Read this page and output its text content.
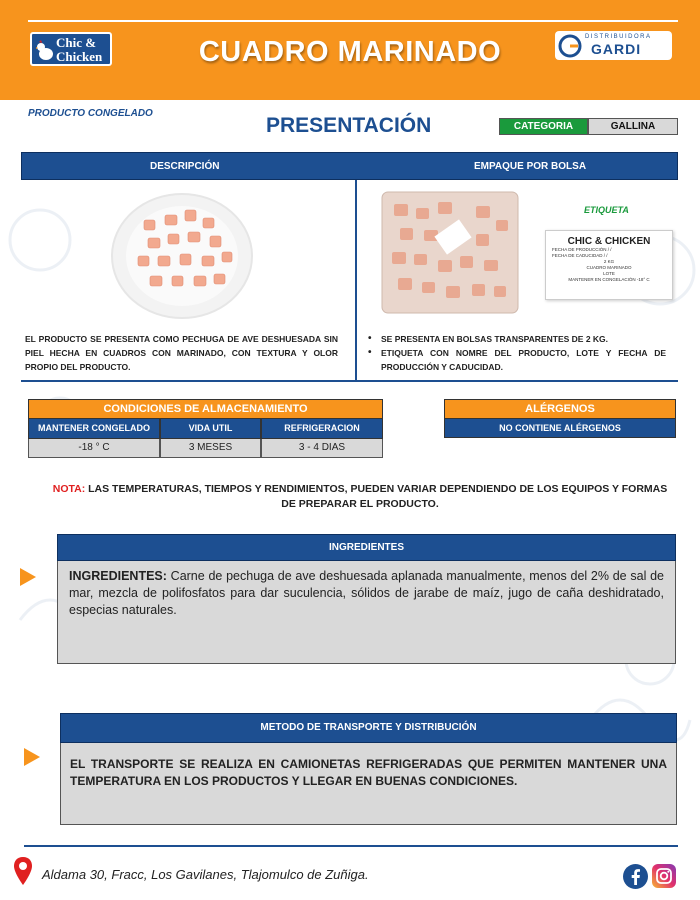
Chic &
Chicken	CUADRO MARINADO	DISTRIBUIDORA
GARDI
PRODUCTO CONGELADO
PRESENTACIÓN	CATEGORIA	GALLINA
DESCRIPCIÓN	EMPAQUE POR BOLSA
ETIQUETA
CHIC & CHICKEN
FECHA DE PRODUCCIÓN / /
FECHA DE CADUCIDAD / /
2 KG
CUADRO MARINADO
LOTE
MANTENER EN CONGELACIÓN -18° C
EL PRODUCTO SE PRESENTA COMO PECHUGA DE AVE DESHUESADA SIN PIEL HECHA EN CUADROS CON MARINADO, CON TEXTURA Y OLOR PROPIO DEL PRODUCTO.
• SE PRESENTA EN BOLSAS TRANSPARENTES DE 2 KG.
• ETIQUETA CON NOMRE DEL PRODUCTO, LOTE Y FECHA DE PRODUCCIÓN Y CADUCIDAD.
CONDICIONES DE ALMACENAMIENTO
MANTENER CONGELADO	VIDA UTIL	REFRIGERACION
-18 ° C	3 MESES	3 - 4 DIAS
ALÉRGENOS
NO CONTIENE ALÉRGENOS
NOTA: LAS TEMPERATURAS, TIEMPOS Y RENDIMIENTOS, PUEDEN VARIAR DEPENDIENDO DE LOS EQUIPOS Y FORMAS DE PREPARAR EL PRODUCTO.
INGREDIENTES
INGREDIENTES: Carne de pechuga de ave deshuesada aplanada manualmente, menos del 2% de sal de mar, mezcla de polifosfatos para dar suculencia, sólidos de jarabe de maíz, jugo de caña deshidratado, especias naturales.
METODO DE TRANSPORTE Y DISTRIBUCIÓN
EL TRANSPORTE SE REALIZA EN CAMIONETAS REFRIGERADAS QUE PERMITEN MANTENER UNA TEMPERATURA EN LOS PRODUCTOS Y LLEGAR EN BUENAS CONDICIONES.
Aldama 30, Fracc, Los Gavilanes, Tlajomulco de Zuñiga.
